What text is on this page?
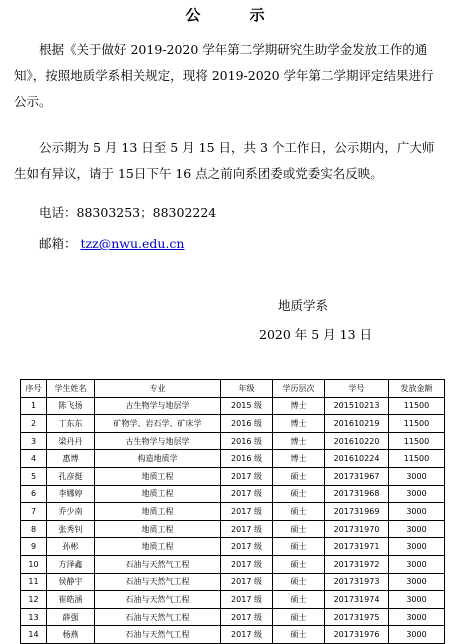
公 示

根据《关于做好 2019-2020 学年第二学期研究生助学金发放工作的通知》，按照地质学系相关规定，现将 2019-2020 学年第二学期评定结果进行公示。

公示期为 5 月 13 日至 5 月 15 日，共 3 个工作日，公示期内，广大师生如有异议，请于 15日下午 16 点之前向系团委或党委实名反映。

电话：88303253；88302224
邮箱： tzz@nwu.edu.cn
地质学系
2020 年 5 月 13 日
序号	学生姓名	专业	年级	学历层次	学号	发放金额
1	陈飞扬	古生物学与地层学	2015 级	博士	201510213	11500
2	丁东东	矿物学、岩石学、矿床学	2016 级	博士	201610219	11500
3	梁丹丹	古生物学与地层学	2016 级	博士	201610220	11500
4	惠博	构造地质学	2016 级	博士	201610224	11500
5	孔彦挺	地质工程	2017 级	硕士	201731967	3000
6	李娜婷	地质工程	2017 级	硕士	201731968	3000
7	乔少南	地质工程	2017 级	硕士	201731969	3000
8	张秀钊	地质工程	2017 级	硕士	201731970	3000
9	孙彬	地质工程	2017 级	硕士	201731971	3000
10	方泽鑫	石油与天然气工程	2017 级	硕士	201731972	3000
11	侯静宇	石油与天然气工程	2017 级	硕士	201731973	3000
12	崔皓涵	石油与天然气工程	2017 级	硕士	201731974	3000
13	薛强	石油与天然气工程	2017 级	硕士	201731975	3000
14	杨燕	石油与天然气工程	2017 级	硕士	201731976	3000
